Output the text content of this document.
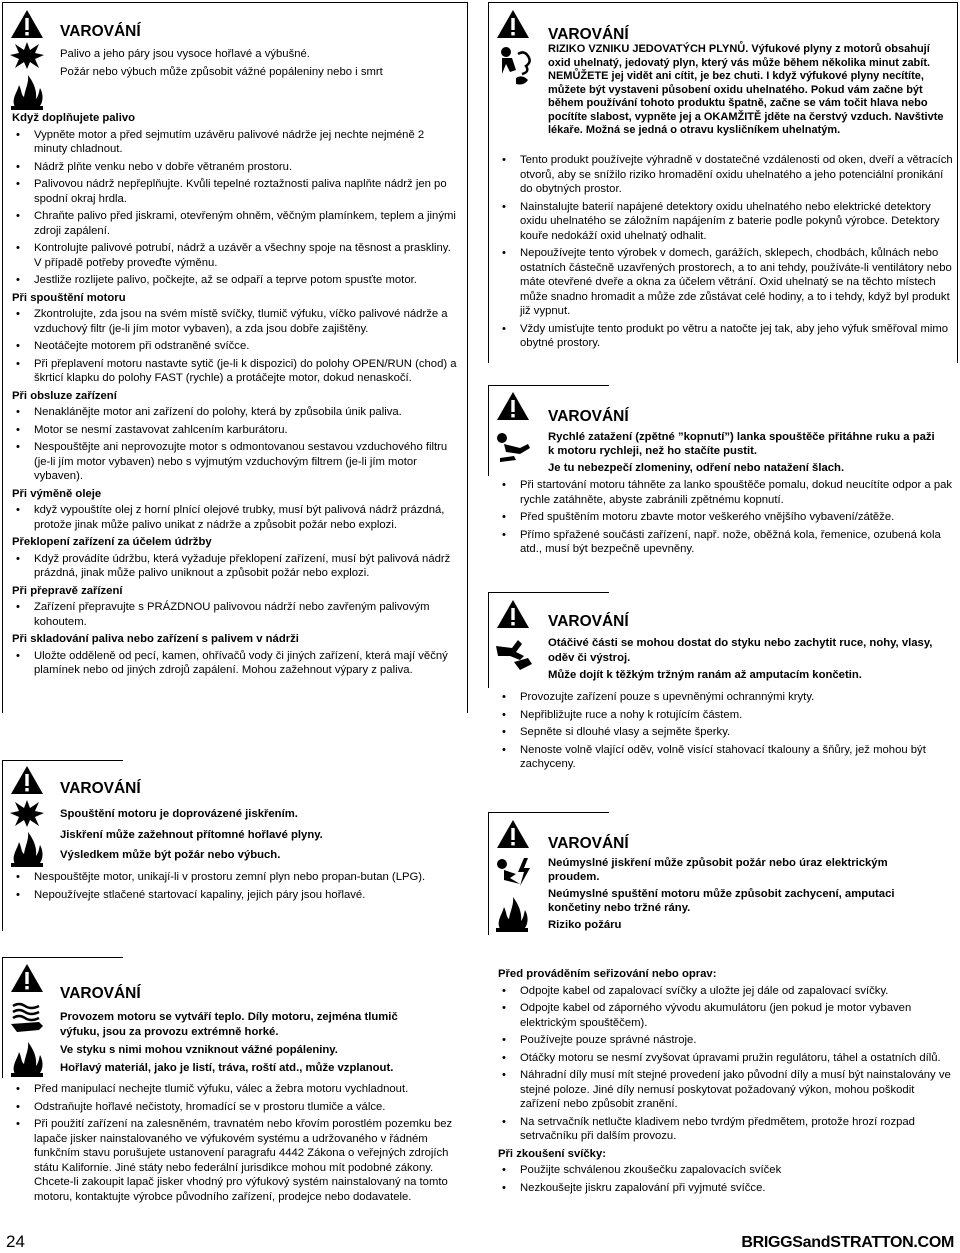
VAROVÁNÍ

Palivo a jeho páry jsou vysoce hořlavé a výbušné.

Požár nebo výbuch může způsobit vážné popáleniny nebo i smrt

Když doplňujete palivo
• Vypněte motor a před sejmutím uzávěru palivové nádrže jej nechte nejméně 2 minuty chladnout.
• Nádrž plňte venku nebo v dobře větraném prostoru.
• Palivovou nádrž nepřeplňujte. Kvůli tepelné roztažnosti paliva naplňte nádrž jen po spodní okraj hrdla.
• Chraňte palivo před jiskrami, otevřeným ohněm, věčným plamínkem, teplem a jinými zdroji zapálení.
• Kontrolujte palivové potrubí, nádrž a uzávěr a všechny spoje na těsnost a praskliny. V případě potřeby proveďte výměnu.
• Jestliže rozlijete palivo, počkejte, až se odpaří a teprve potom spusťte motor.
Při spouštění motoru
• Zkontrolujte, zda jsou na svém místě svíčky, tlumič výfuku, víčko palivové nádrže a vzduchový filtr (je-li jím motor vybaven), a zda jsou dobře zajištěny.
• Neotáčejte motorem při odstraněné svíčce.
• Při přeplavení motoru nastavte sytič (je-li k dispozici) do polohy OPEN/RUN (chod) a škrticí klapku do polohy FAST (rychle) a protáčejte motor, dokud nenaskočí.
Při obsluze zařízení
• Nenaklánějte motor ani zařízení do polohy, která by způsobila únik paliva.
• Motor se nesmí zastavovat zahlcením karburátoru.
• Nespouštějte ani neprovozujte motor s odmontovanou sestavou vzduchového filtru (je-li jím motor vybaven) nebo s vyjmutým vzduchovým filtrem (je-li jím motor vybaven).
Při výměně oleje
• když vypouštíte olej z horní plnící olejové trubky, musí být palivová nádrž prázdná, protože jinak může palivo unikat z nádrže a způsobit požár nebo explozi.
Překlopení zařízení za účelem údržby
• Když provádíte údržbu, která vyžaduje překlopení zařízení, musí být palivová nádrž prázdná, jinak může palivo uniknout a způsobit požár nebo explozi.
Při přepravě zařízení
• Zařízení přepravujte s PRÁZDNOU palivovou nádrží nebo zavřeným palivovým kohoutem.
Při skladování paliva nebo zařízení s palivem v nádrži
• Uložte odděleně od pecí, kamen, ohřívačů vody či jiných zařízení, která mají věčný plamínek nebo od jiných zdrojů zapálení. Mohou zažehnout výpary z paliva.
VAROVÁNÍ

Spouštění motoru je doprovázené jiskřením.

Jiskření může zažehnout přítomné hořlavé plyny.

Výsledkem může být požár nebo výbuch.

• Nespouštějte motor, unikají-li v prostoru zemní plyn nebo propan-butan (LPG).
• Nepoužívejte stlačené startovací kapaliny, jejich páry jsou hořlavé.
VAROVÁNÍ

Provozem motoru se vytváří teplo. Díly motoru, zejména tlumič výfuku, jsou za provozu extrémně horké.

Ve styku s nimi mohou vzniknout vážné popáleniny.

Hořlavý materiál, jako je listí, tráva, roští atd., může vzplanout.

• Před manipulací nechejte tlumič výfuku, válec a žebra motoru vychladnout.
• Odstraňujte hořlavé nečistoty, hromadící se v prostoru tlumiče a válce.
• Při použití zařízení na zalesněném, travnatém nebo křovím porostlém pozemku bez lapače jisker nainstalovaného ve výfukovém systému a udržovaného v řádném funkčním stavu porušujete ustanovení paragrafu 4442 Zákona o veřejných zdrojích státu Kalifornie. Jiné státy nebo federální jurisdikce mohou mít podobné zákony. Chcete-li zakoupit lapač jisker vhodný pro výfukový systém nainstalovaný na tomto motoru, kontaktujte výrobce původního zařízení, prodejce nebo dodavatele.
VAROVÁNÍ

RIZIKO VZNIKU JEDOVATÝCH PLYNŮ. Výfukové plyny z motorů obsahují oxid uhelnatý, jedovatý plyn, který vás může během několika minut zabít. NEMŮŽETE jej vidět ani cítit, je bez chuti. I když výfukové plyny necítíte, můžete být vystaveni působení oxidu uhelnatého. Pokud vám začne být během používání tohoto produktu špatně, začne se vám točit hlava nebo pocítíte slabost, vypněte jej a OKAMŽITĚ jděte na čerstvý vzduch. Navštivte lékaře. Možná se jedná o otravu kysličníkem uhelnatým.

• Tento produkt používejte výhradně v dostatečné vzdálenosti od oken, dveří a větracích otvorů, aby se snížilo riziko hromadění oxidu uhelnatého a jeho potenciální pronikání do obytných prostor.
• Nainstalujte baterií napájené detektory oxidu uhelnatého nebo elektrické detektory oxidu uhelnatého se záložním napájením z baterie podle pokynů výrobce. Detektory kouře nedokáží oxid uhelnatý odhalit.
• Nepoužívejte tento výrobek v domech, garážích, sklepech, chodbách, kůlnách nebo ostatních částečně uzavřených prostorech, a to ani tehdy, používáte-li ventilátory nebo máte otevřené dveře a okna za účelem větrání. Oxid uhelnatý se na těchto místech může snadno hromadit a může zde zůstávat celé hodiny, a to i tehdy, když byl produkt již vypnut.
• Vždy umisťujte tento produkt po větru a natočte jej tak, aby jeho výfuk směřoval mimo obytné prostory.
VAROVÁNÍ

Rychlé zatažení (zpětné ”kopnutí”) lanka spouštěče přitáhne ruku a paži k motoru rychleji, než ho stačíte pustit.

Je tu nebezpečí zlomeniny, odření nebo natažení šlach.

• Při startování motoru táhněte za lanko spouštěče pomalu, dokud neucítíte odpor a pak rychle zatáhněte, abyste zabránili zpětnému kopnutí.
• Před spuštěním motoru zbavte motor veškerého vnějšího vybavení/zátěže.
• Přímo spřažené součásti zařízení, např. nože, oběžná kola, řemenice, ozubená kola atd., musí být bezpečně upevněny.
VAROVÁNÍ

Otáčivé části se mohou dostat do styku nebo zachytit ruce, nohy, vlasy, oděv či výstroj.

Může dojít k těžkým tržným ranám až amputacím končetin.

• Provozujte zařízení pouze s upevněnými ochrannými kryty.
• Nepřibližujte ruce a nohy k rotujícím částem.
• Sepněte si dlouhé vlasy a sejměte šperky.
• Nenoste volně vlající oděv, volně visící stahovací tkalouny a šňůry, jež mohou být zachyceny.
VAROVÁNÍ

Neúmyslné jiskření může způsobit požár nebo úraz elektrickým proudem.

Neúmyslné spuštění motoru může způsobit zachycení, amputaci končetiny nebo tržné rány.

Riziko požáru

Před prováděním seřizování nebo oprav:
• Odpojte kabel od zapalovací svíčky a uložte jej dále od zapalovací svíčky.
• Odpojte kabel od záporného vývodu akumulátoru (jen pokud je motor vybaven elektrickým spouštěčem).
• Používejte pouze správné nástroje.
• Otáčky motoru se nesmí zvyšovat úpravami pružin regulátoru, táhel a ostatních dílů.
• Náhradní díly musí mít stejné provedení jako původní díly a musí být nainstalovány ve stejné poloze. Jiné díly nemusí poskytovat požadovaný výkon, mohou poškodit zařízení nebo způsobit zranění.
• Na setrvačník netlučte kladivem nebo tvrdým předmětem, protože hrozí rozpad setrvačníku při dalším provozu.
Při zkoušení svíčky:
• Použijte schválenou zkoušečku zapalovacích svíček
• Nezkoušejte jiskru zapalování při vyjmuté svíčce.
24	BRIGGSandSTRATTON.COM
